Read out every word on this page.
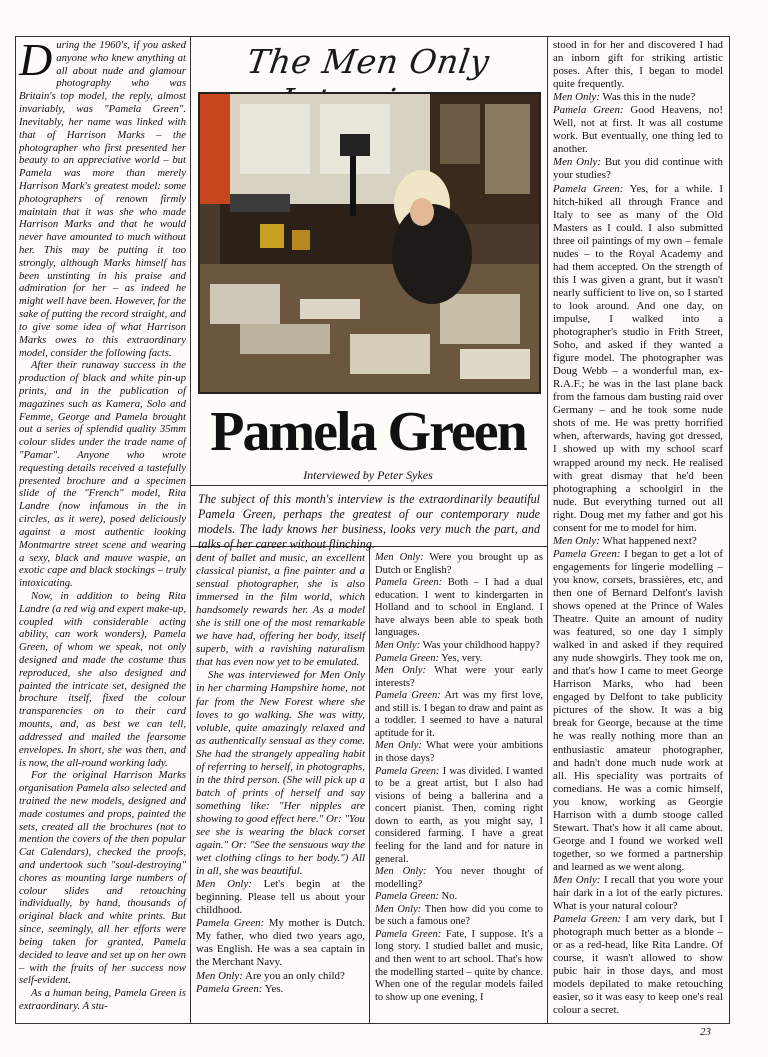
During the 1960's, if you asked anyone who knew anything at all about nude and glamour photography who was Britain's top model, the reply, almost invariably, was "Pamela Green". Inevitably, her name was linked with that of Harrison Marks – the photographer who first presented her beauty to an appreciative world – but Pamela was more than merely Harrison Mark's greatest model: some photographers of renown firmly maintain that it was she who made Harrison Marks and that he would never have amounted to much without her. This may be putting it too strongly, although Marks himself has been unstinting in his praise and admiration for her – as indeed he might well have been. However, for the sake of putting the record straight, and to give some idea of what Harrison Marks owes to this extraordinary model, consider the following facts.

After their runaway success in the production of black and white pin-up prints, and in the publication of magazines such as Kamera, Solo and Femme, George and Pamela brought out a series of splendid quality 35mm colour slides under the trade name of "Pamar". Anyone who wrote requesting details received a tastefully presented brochure and a specimen slide of the "French" model, Rita Landre (now infamous in the in circles, as it were), posed deliciously against a most authentic looking Montmartre street scene and wearing a sexy, black and mauve waspie, an exotic cape and black stockings – truly intoxicating.

Now, in addition to being Rita Landre (a red wig and expert make-up, coupled with considerable acting ability, can work wonders), Pamela Green, of whom we speak, not only designed and made the costume thus reproduced, she also designed and painted the intricate set, designed the brochure itself, fixed the colour transparencies on to their card mounts, and, as best we can tell, addressed and mailed the fearsome envelopes. In short, she was then, and is now, the all-round working lady.

For the original Harrison Marks organisation Pamela also selected and trained the new models, designed and made costumes and props, painted the sets, created all the brochures (not to mention the covers of the then popular Cat Calendars), checked the proofs, and undertook such "soul-destroying" chores as mounting large numbers of colour slides and retouching individually, by hand, thousands of original black and white prints. But since, seemingly, all her efforts were being taken for granted, Pamela decided to leave and set up on her own – with the fruits of her success now self-evident.

As a human being, Pamela Green is extraordinary. A stu-

The Men Only
Pamela Green
Interviewed by Peter Sykes
The subject of this month's interview is the extraordinarily beautiful Pamela Green, perhaps the greatest of our contemporary nude models. The lady knows her business, looks very much the part, and talks of her career without flinching.

dent of ballet and music, an excellent classical pianist, a fine painter and a sensual photographer, she is also immersed in the film world, which handsomely rewards her. As a model she is still one of the most remarkable we have had, offering her body, itself superb, with a ravishing naturalism that has even now yet to be emulated.

She was interviewed for Men Only in her charming Hampshire home, not far from the New Forest where she loves to go walking. She was witty, voluble, quite amazingly relaxed and as authentically sensual as they come. She had the strangely appealing habit of referring to herself, in photographs, in the third person. (She will pick up a batch of prints of herself and say something like: "Her nipples are showing to good effect here." Or: "You see she is wearing the black corset again." Or: "See the sensuous way the wet clothing clings to her body.") All in all, she was beautiful.

Men Only: Let's begin at the beginning. Please tell us about your childhood.

Pamela Green: My mother is Dutch. My father, who died two years ago, was English. He was a sea captain in the Merchant Navy.

Men Only: Are you an only child?

Pamela Green: Yes.

Men Only: Were you brought up as Dutch or English?

Pamela Green: Both – I had a dual education. I went to kindergarten in Holland and to school in England. I have always been able to speak both languages.

Men Only: Was your childhood happy?

Pamela Green: Yes, very.

Men Only: What were your early interests?

Pamela Green: Art was my first love, and still is. I began to draw and paint as a toddler. I seemed to have a natural aptitude for it.

Men Only: What were your ambitions in those days?

Pamela Green: I was divided. I wanted to be a great artist, but I also had visions of being a ballerina and a concert pianist. Then, coming right down to earth, as you might say, I considered farming. I have a great feeling for the land and for nature in general.

Men Only: You never thought of modelling?

Pamela Green: No.

Men Only: Then how did you come to be such a famous one?

Pamela Green: Fate, I suppose. It's a long story. I studied ballet and music, and then went to art school. That's how the modelling started – quite by chance. When one of the regular models failed to show up one evening, I

stood in for her and discovered I had an inborn gift for striking artistic poses. After this, I began to model quite frequently.

Men Only: Was this in the nude?

Pamela Green: Good Heavens, no! Well, not at first. It was all costume work. But eventually, one thing led to another.

Men Only: But you did continue with your studies?

Pamela Green: Yes, for a while. I hitch-hiked all through France and Italy to see as many of the Old Masters as I could. I also submitted three oil paintings of my own – female nudes – to the Royal Academy and had them accepted. On the strength of this I was given a grant, but it wasn't nearly sufficient to live on, so I started to look around. And one day, on impulse, I walked into a photographer's studio in Frith Street, Soho, and asked if they wanted a figure model. The photographer was Doug Webb – a wonderful man, ex-R.A.F.; he was in the last plane back from the famous dam busting raid over Germany – and he took some nude shots of me. He was pretty horrified when, afterwards, having got dressed, I showed up with my school scarf wrapped around my neck. He realised with great dismay that he'd been photographing a schoolgirl in the nude. But everything turned out all right. Doug met my father and got his consent for me to model for him.

Men Only: What happened next?

Pamela Green: I began to get a lot of engagements for lingerie modelling – you know, corsets, brassières, etc, and then one of Bernard Delfont's lavish shows opened at the Prince of Wales Theatre. Quite an amount of nudity was featured, so one day I simply walked in and asked if they required any nude showgirls. They took me on, and that's how I came to meet George Harrison Marks, who had been engaged by Delfont to take publicity pictures of the show. It was a big break for George, because at the time he was really nothing more than an enthusiastic amateur photographer, and hadn't done much nude work at all. His speciality was portraits of comedians. He was a comic himself, you know, working as Georgie Harrison with a dumb stooge called Stewart. That's how it all came about. George and I found we worked well together, so we formed a partnership and learned as we went along.

Men Only: I recall that you wore your hair dark in a lot of the early pictures. What is your natural colour?

Pamela Green: I am very dark, but I photograph much better as a blonde – or as a red-head, like Rita Landre. Of course, it wasn't allowed to show pubic hair in those days, and most models depilated to make retouching easier, so it was easy to keep one's real colour a secret.

23
